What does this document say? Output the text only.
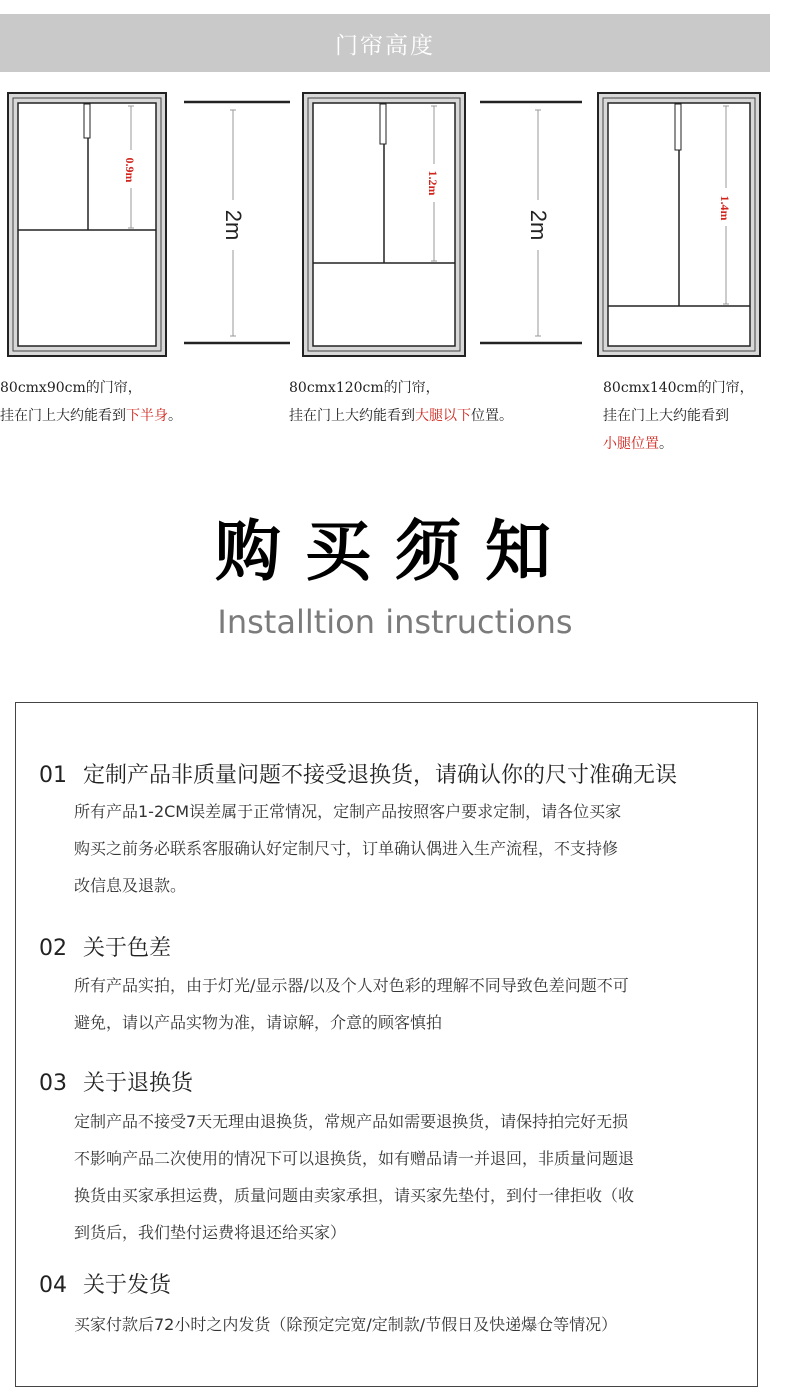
门帘高度
0.9m
2m
1.2m
2m
1.4m
80cmx90cm的门帘，
挂在门上大约能看到下半身。
80cmx120cm的门帘，
挂在门上大约能看到大腿以下位置。
80cmx140cm的门帘，
挂在门上大约能看到
小腿位置。
购买须知
Installtion instructions
01 定制产品非质量问题不接受退换货，请确认你的尺寸准确无误
所有产品1-2CM误差属于正常情况，定制产品按照客户要求定制，请各位买家
购买之前务必联系客服确认好定制尺寸，订单确认偶进入生产流程，不支持修
改信息及退款。
02 关于色差
所有产品实拍，由于灯光/显示器/以及个人对色彩的理解不同导致色差问题不可
避免，请以产品实物为准，请谅解，介意的顾客慎拍
03 关于退换货
定制产品不接受7天无理由退换货，常规产品如需要退换货，请保持拍完好无损
不影响产品二次使用的情况下可以退换货，如有赠品请一并退回，非质量问题退
换货由买家承担运费，质量问题由卖家承担，请买家先垫付，到付一律拒收（收
到货后，我们垫付运费将退还给买家）
04 关于发货
买家付款后72小时之内发货（除预定完宽/定制款/节假日及快递爆仓等情况）
